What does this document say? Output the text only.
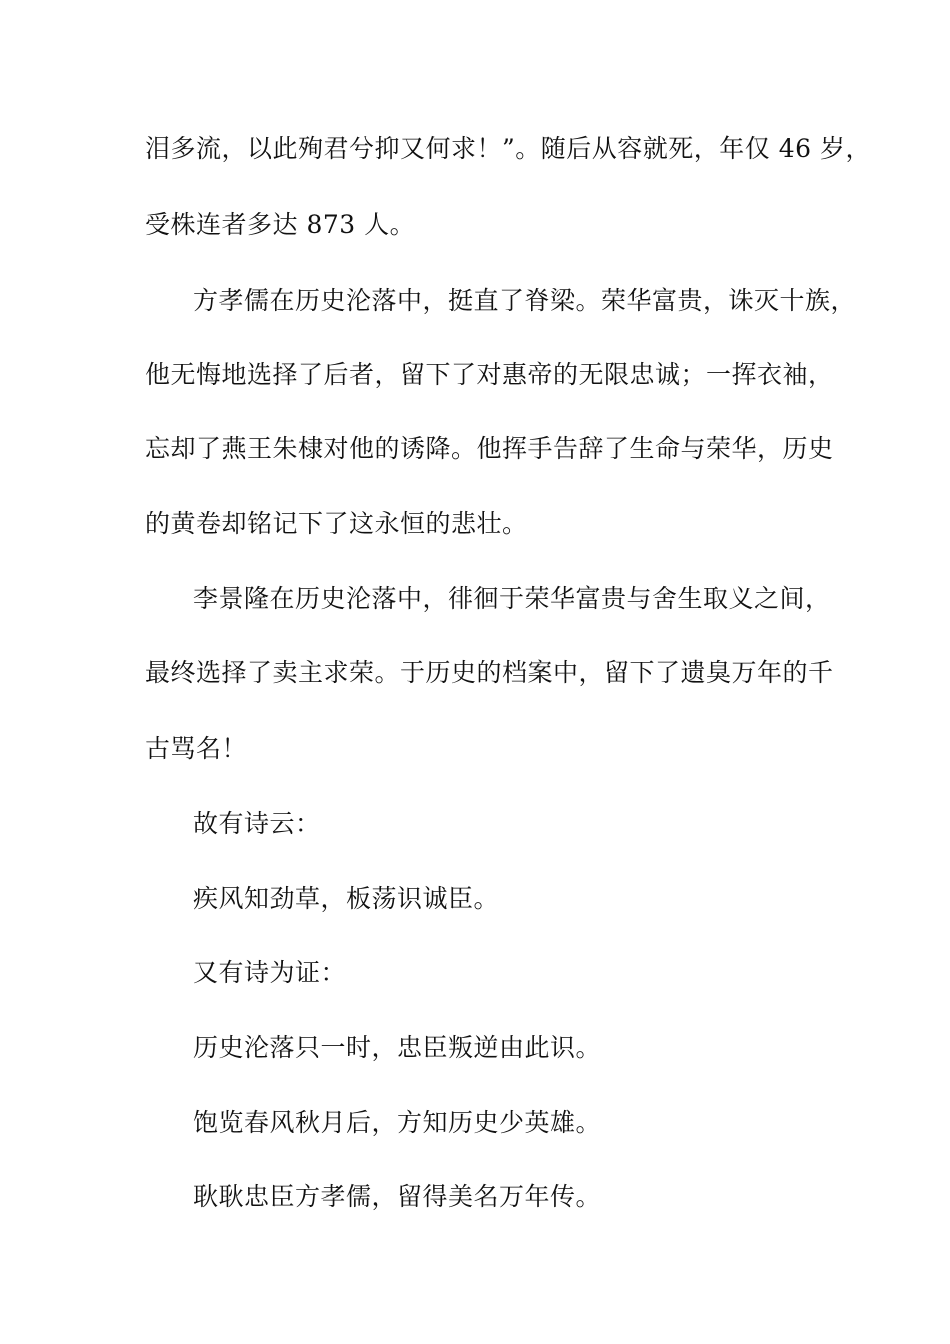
泪多流，以此殉君兮抑又何求！”。随后从容就死，年仅 46 岁，
受株连者多达 873 人。
方孝儒在历史沦落中，挺直了脊梁。荣华富贵，诛灭十族，
他无悔地选择了后者，留下了对惠帝的无限忠诚；一挥衣袖，
忘却了燕王朱棣对他的诱降。他挥手告辞了生命与荣华，历史
的黄卷却铭记下了这永恒的悲壮。
李景隆在历史沦落中，徘徊于荣华富贵与舍生取义之间，
最终选择了卖主求荣。于历史的档案中，留下了遗臭万年的千
古骂名！
故有诗云：
疾风知劲草，板荡识诚臣。
又有诗为证：
历史沦落只一时，忠臣叛逆由此识。
饱览春风秋月后，方知历史少英雄。
耿耿忠臣方孝儒，留得美名万年传。
